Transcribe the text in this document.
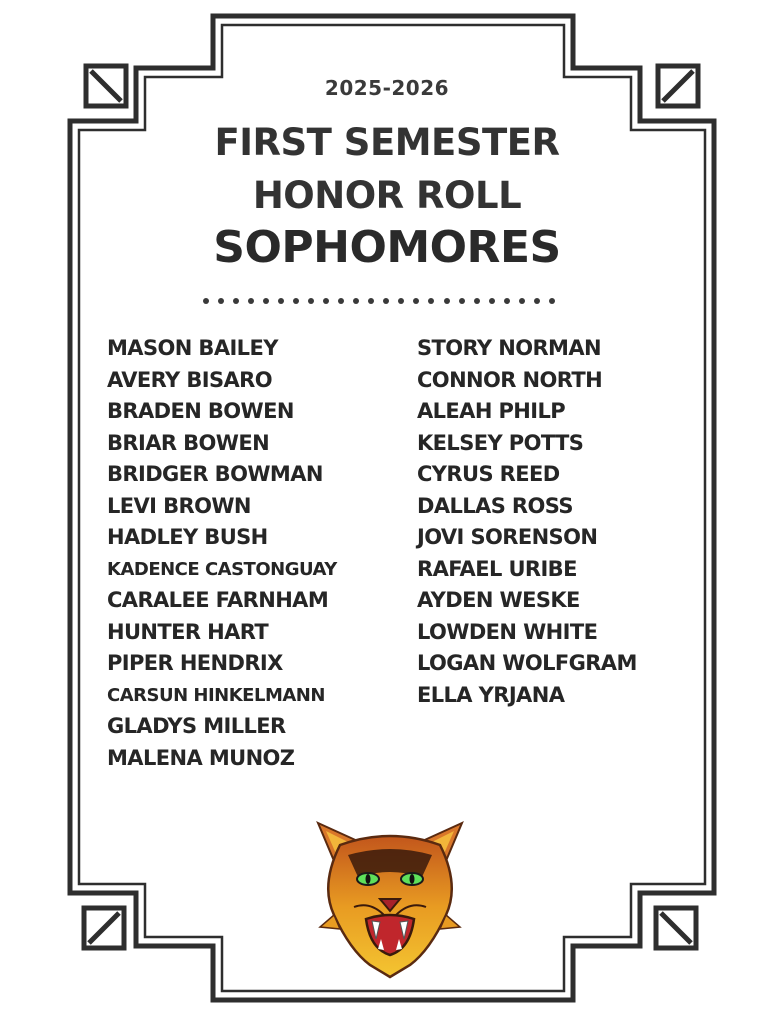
2025-2026
FIRST SEMESTER
HONOR ROLL
SOPHOMORES
MASON BAILEY
AVERY BISARO
BRADEN BOWEN
BRIAR BOWEN
BRIDGER BOWMAN
LEVI BROWN
HADLEY BUSH
KADENCE CASTONGUAY
CARALEE FARNHAM
HUNTER HART
PIPER HENDRIX
CARSUN HINKELMANN
GLADYS MILLER
MALENA MUNOZ
STORY NORMAN
CONNOR NORTH
ALEAH PHILP
KELSEY POTTS
CYRUS REED
DALLAS ROSS
JOVI SORENSON
RAFAEL URIBE
AYDEN WESKE
LOWDEN WHITE
LOGAN WOLFGRAM
ELLA YRJANA
